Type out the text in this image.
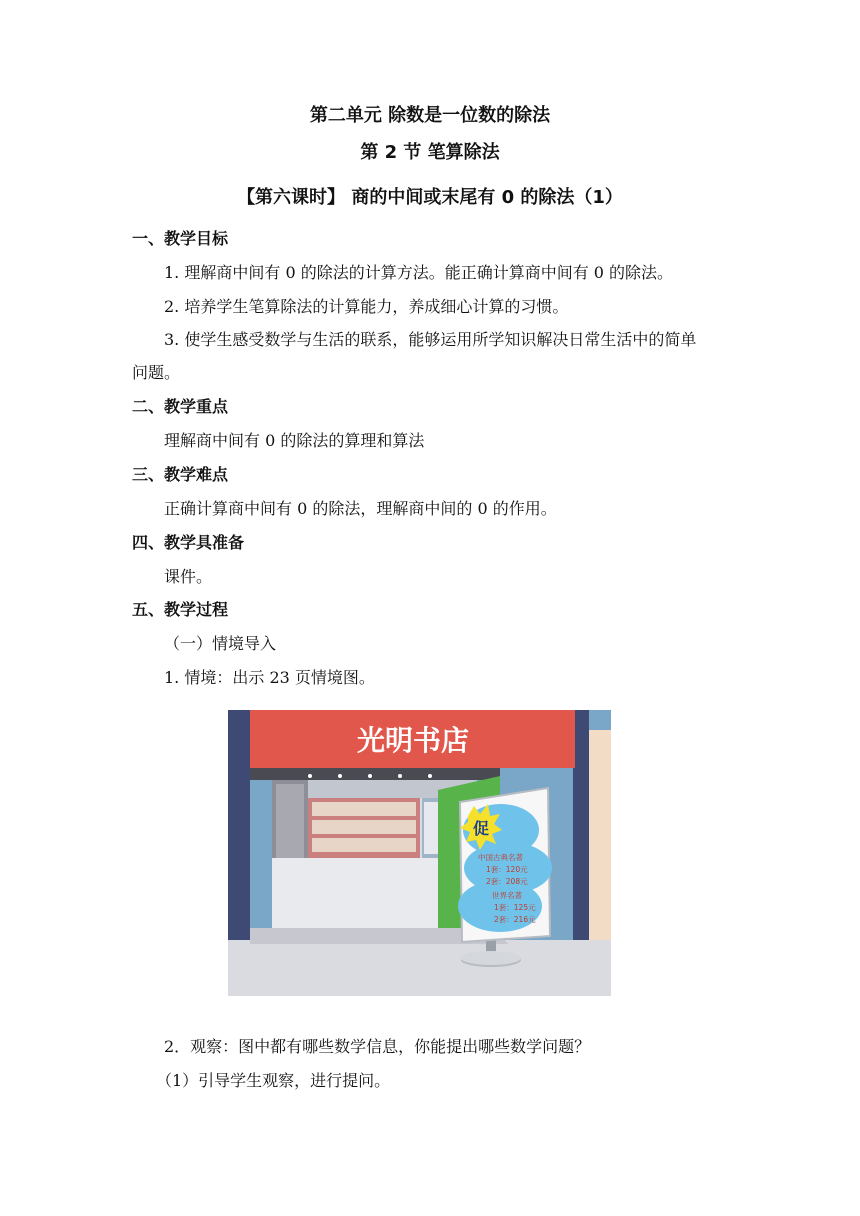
第二单元 除数是一位数的除法
第 2 节 笔算除法
【第六课时】 商的中间或末尾有 0 的除法（1）
一、教学目标
1. 理解商中间有 0 的除法的计算方法。能正确计算商中间有 0 的除法。
2. 培养学生笔算除法的计算能力，养成细心计算的习惯。
3. 使学生感受数学与生活的联系，能够运用所学知识解决日常生活中的简单
问题。
二、教学重点
理解商中间有 0 的除法的算理和算法
三、教学难点
正确计算商中间有 0 的除法，理解商中间的 0 的作用。
四、教学具准备
课件。
五、教学过程
（一）情境导入
1. 情境：出示 23 页情境图。
光明书店
促
中国古典名著
1套：120元
2套：208元
世界名著
1套：125元
2套：216元
2．观察：图中都有哪些数学信息，你能提出哪些数学问题？
（1）引导学生观察，进行提问。
